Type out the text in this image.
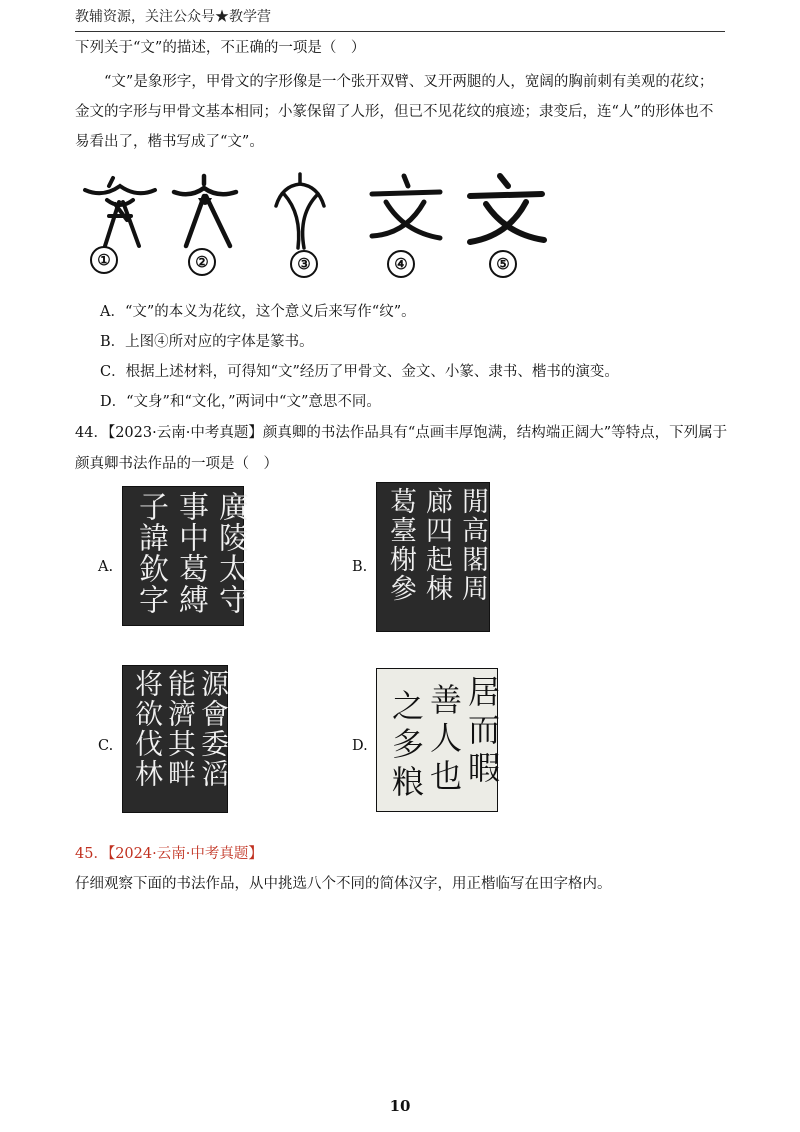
教辅资源，关注公众号★教学营
下列关于“文”的描述，不正确的一项是（　）
“文”是象形字，甲骨文的字形像是一个张开双臂、叉开两腿的人，宽阔的胸前刺有美观的花纹；金文的字形与甲骨文基本相同；小篆保留了人形，但已不见花纹的痕迹；隶变后，连“人”的形体也不易看出了，楷书写成了“文”。
①	②	③	④	⑤
A．“文”的本义为花纹，这个意义后来写作“纹”。
B．上图④所对应的字体是篆书。
C．根据上述材料，可得知“文”经历了甲骨文、金文、小篆、隶书、楷书的演变。
D．“文身”和“文化，”两词中“文”意思不同。
44．【2023·云南·中考真题】颜真卿的书法作品具有“点画丰厚饱满，结构端正阔大”等特点，下列属于
颜真卿书法作品的一项是（　）
A.	廣陵太守
事中葛縛
子諱欽字	B.	閒高閣周
廊四起棟
葛臺榭參
C.	源會委滔
能濟其畔
将欲伐林	D.	居而暇
善人也
之多粮
45．【2024·云南·中考真题】
仔细观察下面的书法作品，从中挑选八个不同的简体汉字，用正楷临写在田字格内。
10
